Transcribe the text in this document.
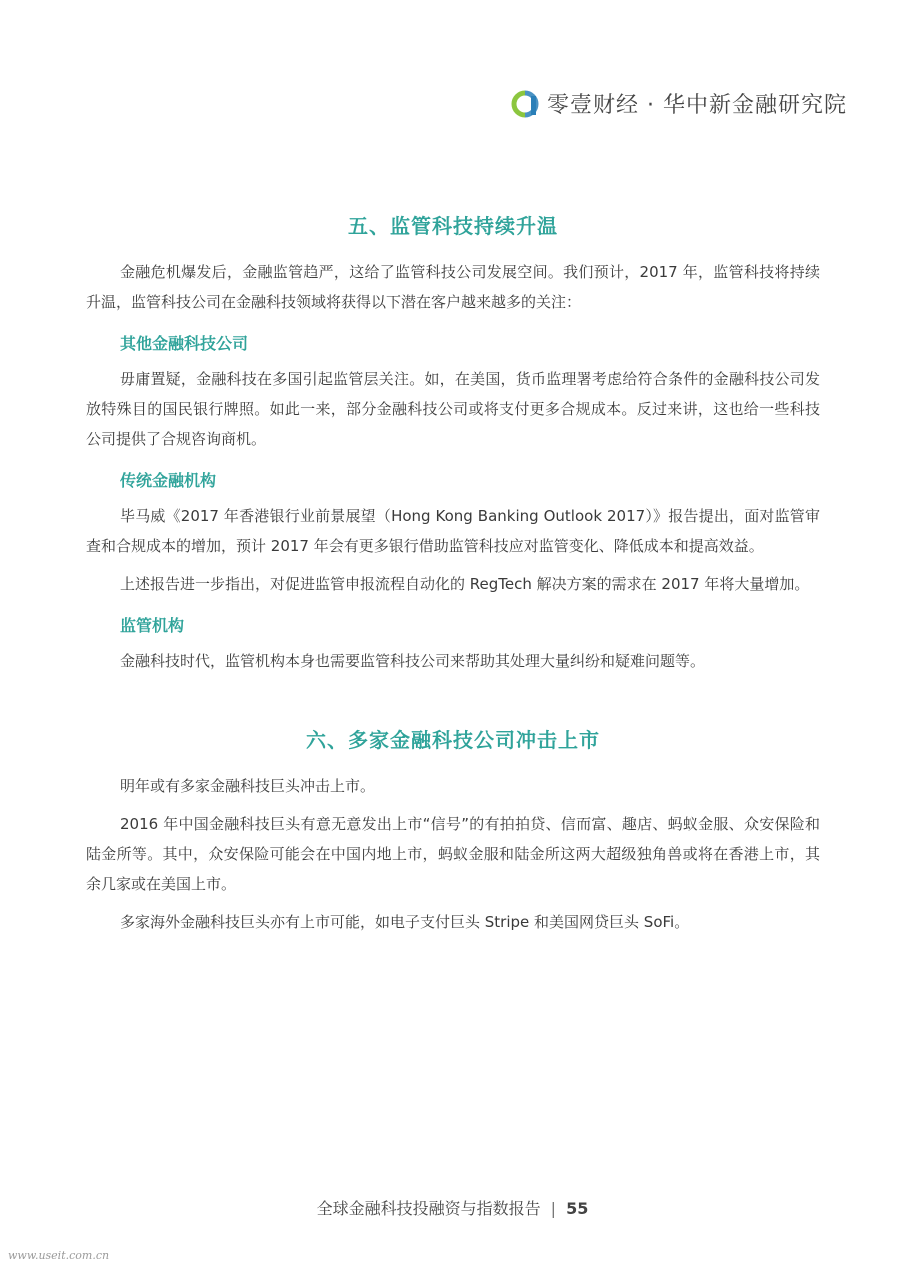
零壹财经 · 华中新金融研究院
五、监管科技持续升温

金融危机爆发后，金融监管趋严，这给了监管科技公司发展空间。我们预计，2017 年，监管科技将持续升温，监管科技公司在金融科技领域将获得以下潜在客户越来越多的关注：

其他金融科技公司

毋庸置疑，金融科技在多国引起监管层关注。如，在美国，货币监理署考虑给符合条件的金融科技公司发放特殊目的国民银行牌照。如此一来，部分金融科技公司或将支付更多合规成本。反过来讲，这也给一些科技公司提供了合规咨询商机。

传统金融机构

毕马威《2017 年香港银行业前景展望（Hong Kong Banking Outlook 2017）》报告提出，面对监管审查和合规成本的增加，预计 2017 年会有更多银行借助监管科技应对监管变化、降低成本和提高效益。

上述报告进一步指出，对促进监管申报流程自动化的 RegTech 解决方案的需求在 2017 年将大量增加。

监管机构

金融科技时代，监管机构本身也需要监管科技公司来帮助其处理大量纠纷和疑难问题等。

六、多家金融科技公司冲击上市

明年或有多家金融科技巨头冲击上市。

2016 年中国金融科技巨头有意无意发出上市“信号”的有拍拍贷、信而富、趣店、蚂蚁金服、众安保险和陆金所等。其中，众安保险可能会在中国内地上市，蚂蚁金服和陆金所这两大超级独角兽或将在香港上市，其余几家或在美国上市。

多家海外金融科技巨头亦有上市可能，如电子支付巨头 Stripe 和美国网贷巨头 SoFi。

全球金融科技投融资与指数报告 | 55
www.useit.com.cn
